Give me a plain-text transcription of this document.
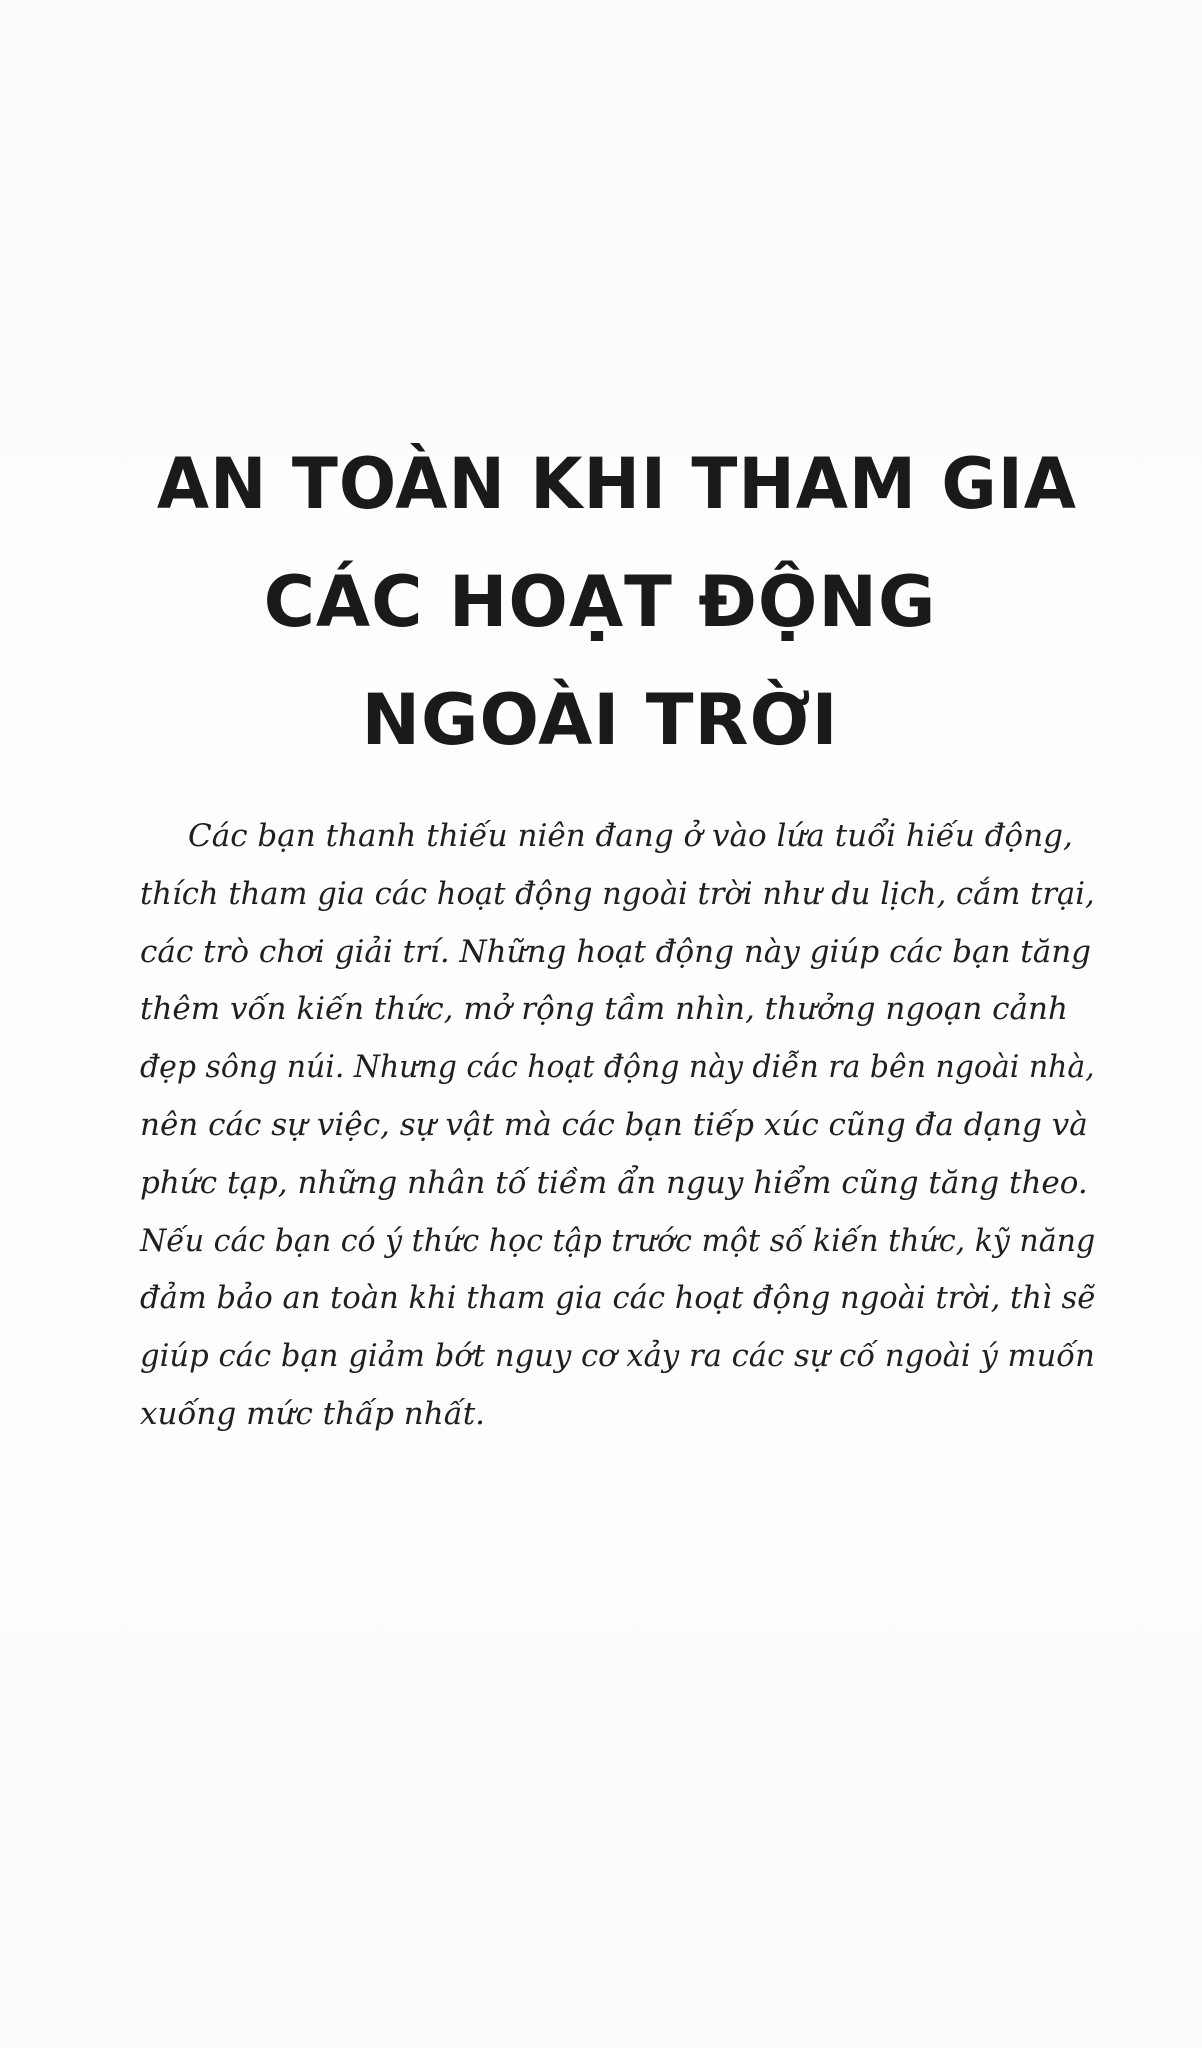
AN TOÀN KHI THAM GIA
CÁC HOẠT ĐỘNG
NGOÀI TRỜI
Các bạn thanh thiếu niên đang ở vào lứa tuổi hiếu động,
thích tham gia các hoạt động ngoài trời như du lịch, cắm trại,
các trò chơi giải trí. Những hoạt động này giúp các bạn tăng
thêm vốn kiến thức, mở rộng tầm nhìn, thưởng ngoạn cảnh
đẹp sông núi. Nhưng các hoạt động này diễn ra bên ngoài nhà,
nên các sự việc, sự vật mà các bạn tiếp xúc cũng đa dạng và
phức tạp, những nhân tố tiềm ẩn nguy hiểm cũng tăng theo.
Nếu các bạn có ý thức học tập trước một số kiến thức, kỹ năng
đảm bảo an toàn khi tham gia các hoạt động ngoài trời, thì sẽ
giúp các bạn giảm bớt nguy cơ xảy ra các sự cố ngoài ý muốn
xuống mức thấp nhất.
